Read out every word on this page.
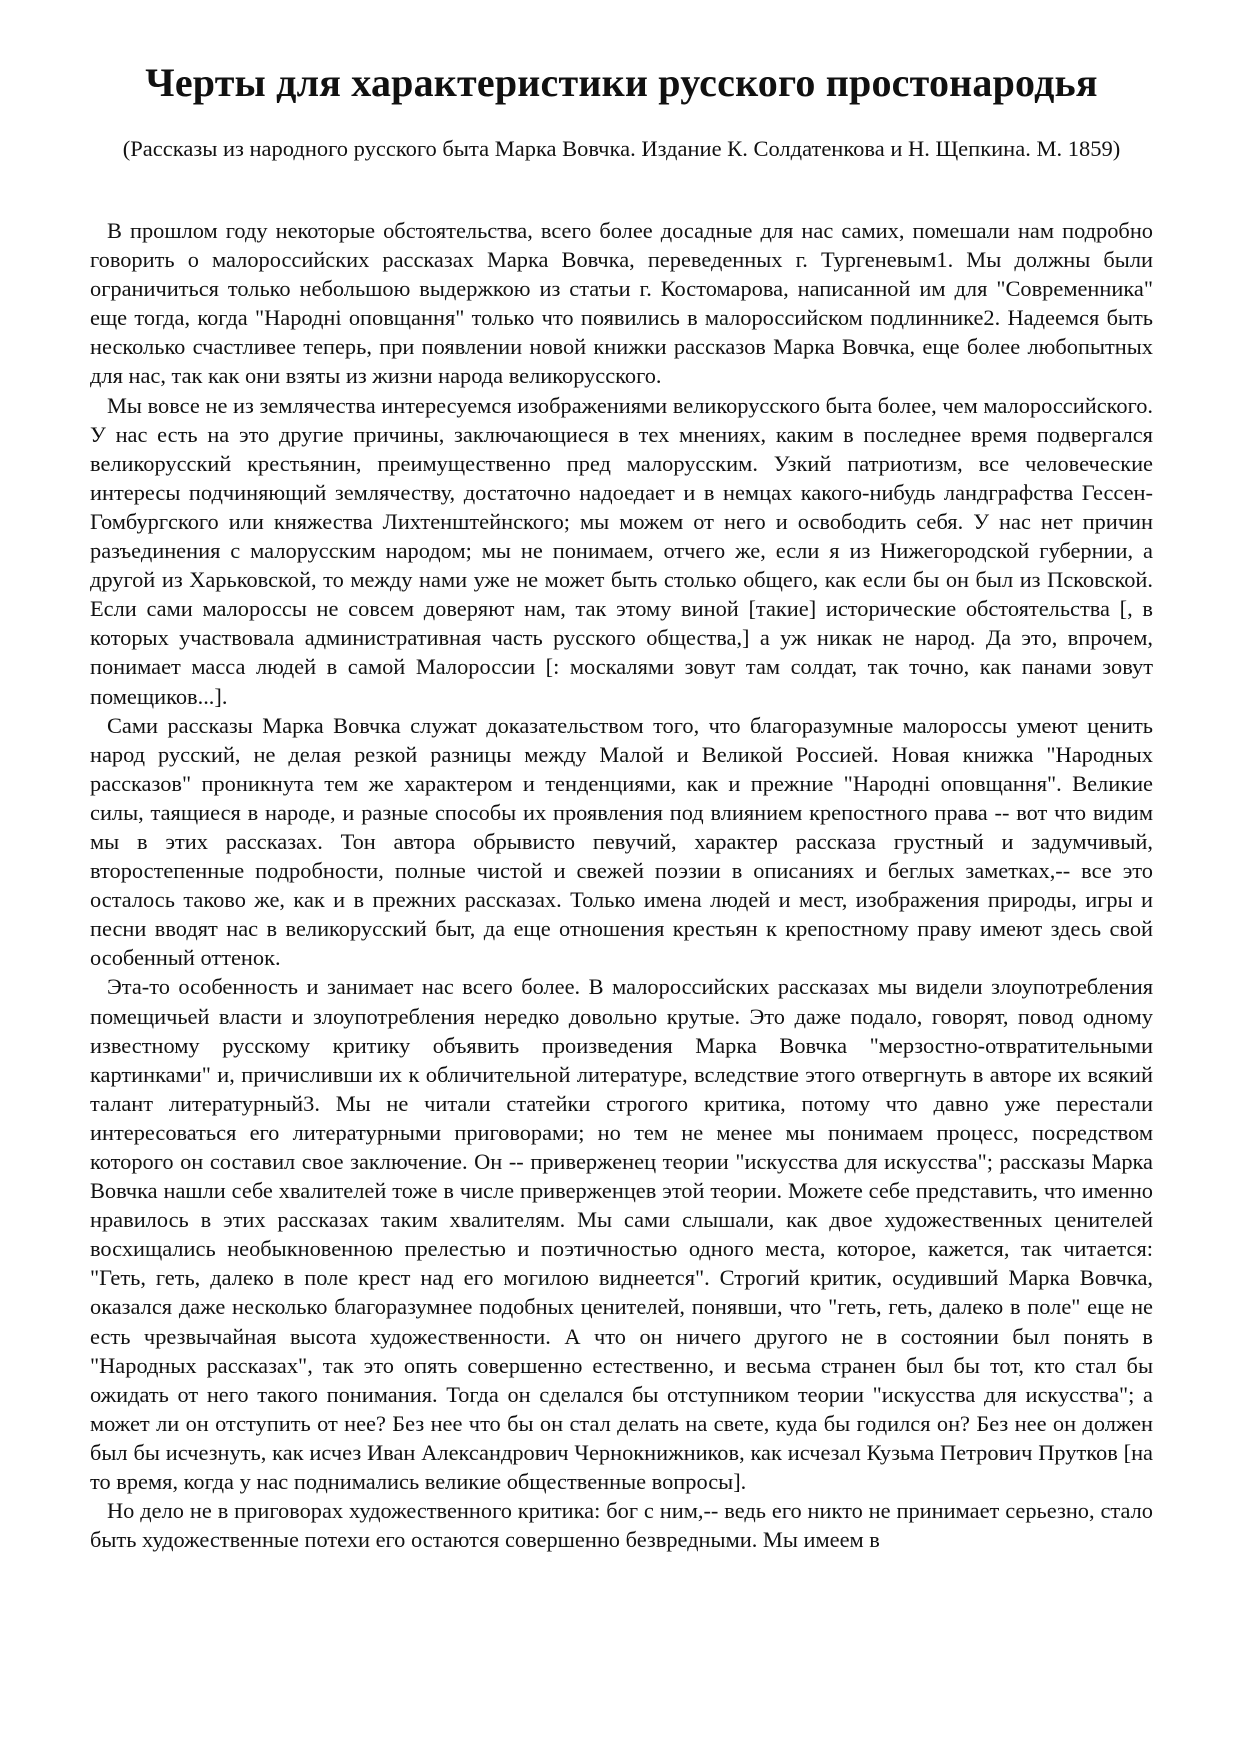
Черты для характеристики русского простонародья

(Рассказы из народного русского быта Марка Вовчка. Издание К. Солдатенкова и Н. Щепкина. М. 1859)

В прошлом году некоторые обстоятельства, всего более досадные для нас самих, помешали нам подробно говорить о малороссийских рассказах Марка Вовчка, переведенных г. Тургеневым1. Мы должны были ограничиться только небольшою выдержкою из статьи г. Костомарова, написанной им для "Современника" еще тогда, когда "Народні оповщання" только что появились в малороссийском подлиннике2. Надеемся быть несколько счастливее теперь, при появлении новой книжки рассказов Марка Вовчка, еще более любопытных для нас, так как они взяты из жизни народа великорусского.

Мы вовсе не из землячества интересуемся изображениями великорусского быта более, чем малороссийского. У нас есть на это другие причины, заключающиеся в тех мнениях, каким в последнее время подвергался великорусский крестьянин, преимущественно пред малорусским. Узкий патриотизм, все человеческие интересы подчиняющий землячеству, достаточно надоедает и в немцах какого-нибудь ландграфства Гессен-Гомбургского или княжества Лихтенштейнского; мы можем от него и освободить себя. У нас нет причин разъединения с малорусским народом; мы не понимаем, отчего же, если я из Нижегородской губернии, а другой из Харьковской, то между нами уже не может быть столько общего, как если бы он был из Псковской. Если сами малороссы не совсем доверяют нам, так этому виной [такие] исторические обстоятельства [, в которых участвовала административная часть русского общества,] а уж никак не народ. Да это, впрочем, понимает масса людей в самой Малороссии [: москалями зовут там солдат, так точно, как панами зовут помещиков...].

Сами рассказы Марка Вовчка служат доказательством того, что благоразумные малороссы умеют ценить народ русский, не делая резкой разницы между Малой и Великой Россией. Новая книжка "Народных рассказов" проникнута тем же характером и тенденциями, как и прежние "Народні оповщання". Великие силы, таящиеся в народе, и разные способы их проявления под влиянием крепостного права -- вот что видим мы в этих рассказах. Тон автора обрывисто певучий, характер рассказа грустный и задумчивый, второстепенные подробности, полные чистой и свежей поэзии в описаниях и беглых заметках,-- все это осталось таково же, как и в прежних рассказах. Только имена людей и мест, изображения природы, игры и песни вводят нас в великорусский быт, да еще отношения крестьян к крепостному праву имеют здесь свой особенный оттенок.

Эта-то особенность и занимает нас всего более. В малороссийских рассказах мы видели злоупотребления помещичьей власти и злоупотребления нередко довольно крутые. Это даже подало, говорят, повод одному известному русскому критику объявить произведения Марка Вовчка "мерзостно-отвратительными картинками" и, причисливши их к обличительной литературе, вследствие этого отвергнуть в авторе их всякий талант литературный3. Мы не читали статейки строгого критика, потому что давно уже перестали интересоваться его литературными приговорами; но тем не менее мы понимаем процесс, посредством которого он составил свое заключение. Он -- приверженец теории "искусства для искусства"; рассказы Марка Вовчка нашли себе хвалителей тоже в числе приверженцев этой теории. Можете себе представить, что именно нравилось в этих рассказах таким хвалителям. Мы сами слышали, как двое художественных ценителей восхищались необыкновенною прелестью и поэтичностью одного места, которое, кажется, так читается: "Геть, геть, далеко в поле крест над его могилою виднеется". Строгий критик, осудивший Марка Вовчка, оказался даже несколько благоразумнее подобных ценителей, понявши, что "геть, геть, далеко в поле" еще не есть чрезвычайная высота художественности. А что он ничего другого не в состоянии был понять в "Народных рассказах", так это опять совершенно естественно, и весьма странен был бы тот, кто стал бы ожидать от него такого понимания. Тогда он сделался бы отступником теории "искусства для искусства"; а может ли он отступить от нее? Без нее что бы он стал делать на свете, куда бы годился он? Без нее он должен был бы исчезнуть, как исчез Иван Александрович Чернокнижников, как исчезал Кузьма Петрович Прутков [на то время, когда у нас поднимались великие общественные вопросы].

Но дело не в приговорах художественного критика: бог с ним,-- ведь его никто не принимает серьезно, стало быть художественные потехи его остаются совершенно безвредными. Мы имеем в
